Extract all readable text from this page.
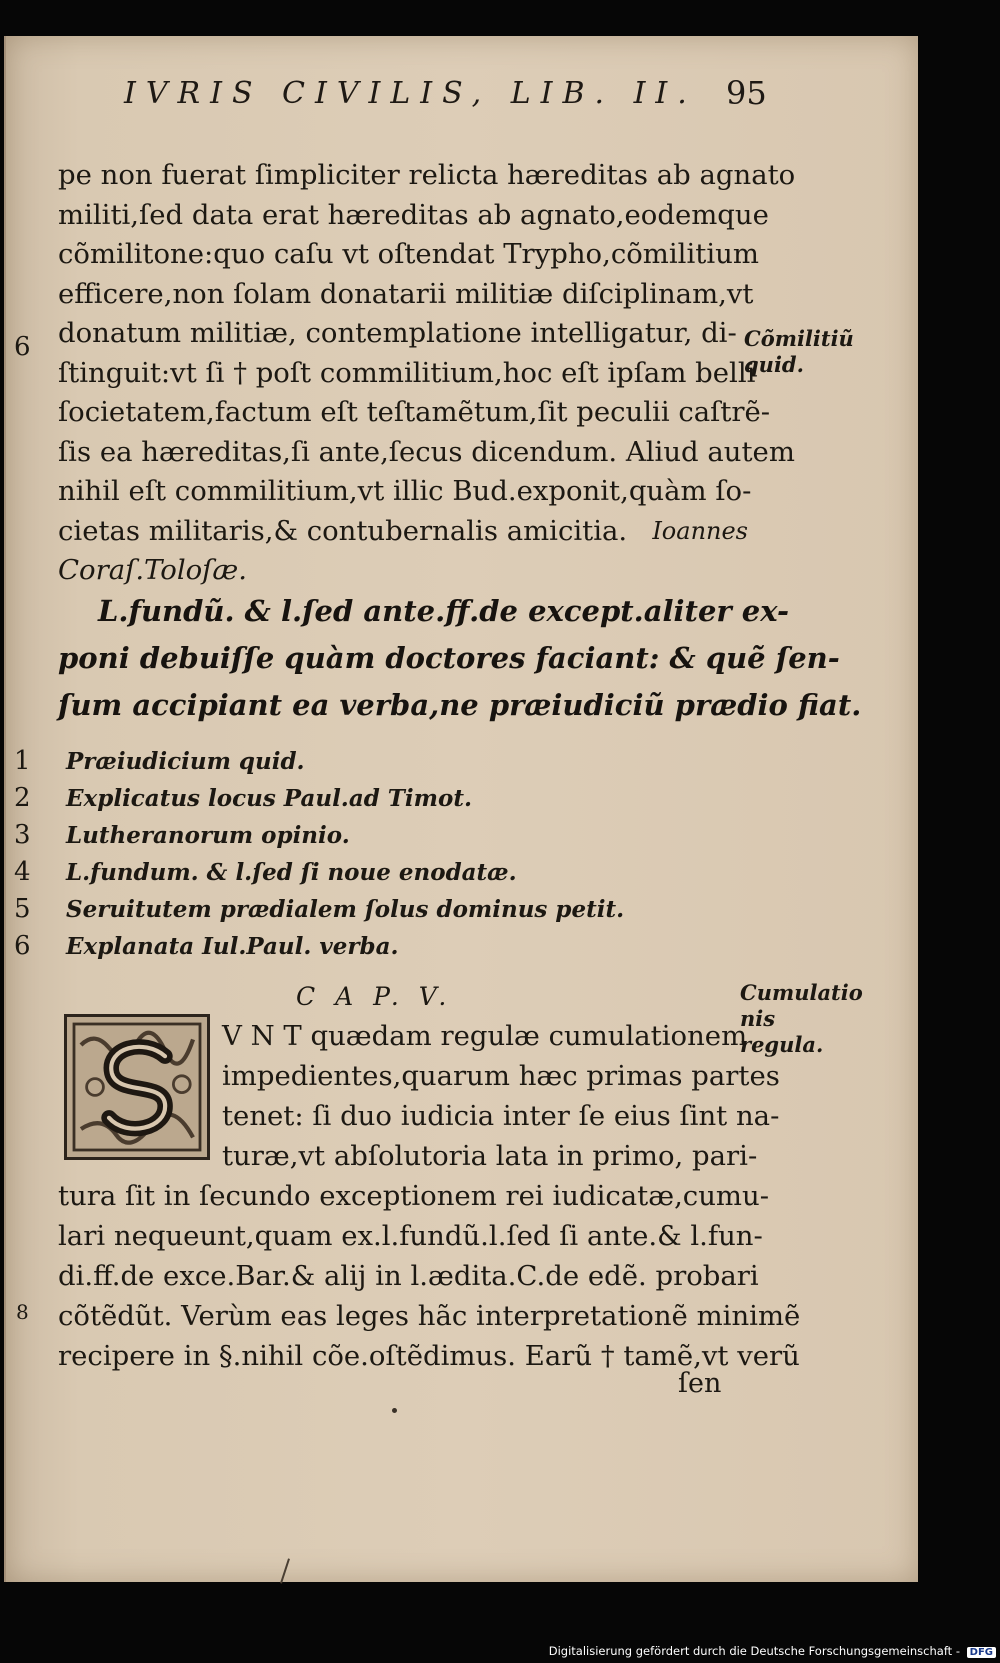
IVRIS CIVILIS, LIB. II. 95
6	Cõmilitiũ
quid.
pe non fuerat ſimpliciter relicta hæreditas ab agnato
militi,ſed data erat hæreditas ab agnato,eodemque
cõmilitone:quo caſu vt oſtendat Trypho,cõmilitium
efficere,non ſolam donatarii militiæ diſciplinam,vt
donatum militiæ, contemplatione intelligatur, di-
ſtinguit:vt ſi † poſt commilitium,hoc eſt ipſam belli
ſocietatem,factum eſt teſtamẽtum,ſit peculii caſtrẽ-
ſis ea hæreditas,ſi ante,ſecus dicendum. Aliud autem
nihil eſt commilitium,vt illic Bud.exponit,quàm ſo-
cietas militaris,& contubernalis amicitia. Ioannes
Coraſ.Toloſæ.
L.fundũ. & l.ſed ante.ff.de except.aliter ex-
poni debuiſſe quàm doctores faciant: & quẽ ſen-
ſum accipiant ea verba,ne præiudiciũ prædio fiat.
1	Præiudicium quid.
2	Explicatus locus Paul.ad Timot.
3	Lutheranorum opinio.
4	L.fundum. & l.ſed ſi noue enodatæ.
5	Seruitutem prædialem ſolus dominus petit.
6	Explanata Iul.Paul. verba.
C A P. V.	Cumulatio
nis regula.
V N T quædam regulæ cumulationem
impedientes,quarum hæc primas partes
tenet: ſi duo iudicia inter ſe eius ſint na-
turæ,vt abſolutoria lata in primo, pari-
tura ſit in ſecundo exceptionem rei iudicatæ,cumu-
lari nequeunt,quam ex.l.fundũ.l.ſed ſi ante.& l.fun-
di.ff.de exce.Bar.& alij in l.ædita.C.de edẽ. probari
cõtẽdũt. Verùm eas leges hãc interpretationẽ minimẽ
recipere in §.nihil cõe.oſtẽdimus. Earũ † tamẽ,vt verũ
8
ſen
Digitalisierung gefördert durch die Deutsche Forschungsgemeinschaft - DFG
